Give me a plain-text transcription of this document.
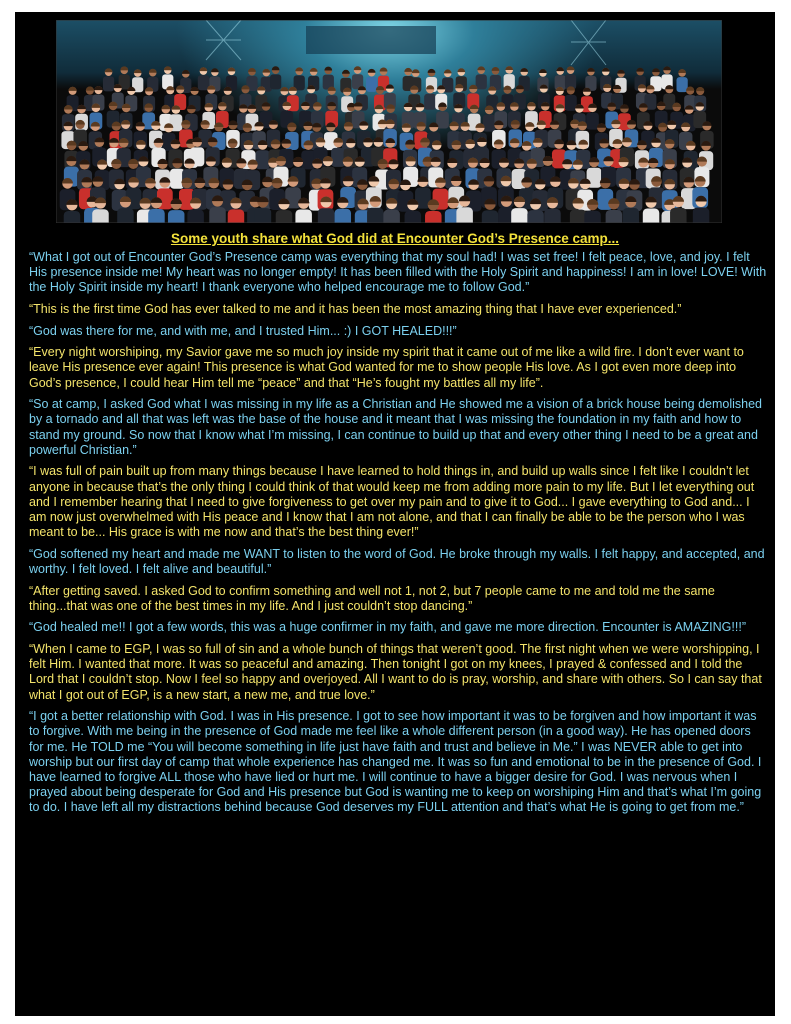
Some youth share what God did at Encounter God’s Presence camp...

“What I got out of Encounter God’s Presence camp was everything that my soul had! I was set free! I felt peace, love, and joy. I felt His presence inside me! My heart was no longer empty! It has been filled with the Holy Spirit and happiness! I am in love! LOVE! With the Holy Spirit inside my heart! I thank everyone who helped encourage me to follow God.”

“This is the first time God has ever talked to me and it has been the most amazing thing that I have ever experienced.”

“God was there for me, and with me, and I trusted Him... :) I GOT HEALED!!!”

“Every night worshiping, my Savior gave me so much joy inside my spirit that it came out of me like a wild fire. I don’t ever want to leave His presence ever again! This presence is what God wanted for me to show people His love. As I got even more deep into God’s presence, I could hear Him tell me “peace” and that “He’s fought my battles all my life”.

“So at camp, I asked God what I was missing in my life as a Christian and He showed me a vision of a brick house being demolished by a tornado and all that was left was the base of the house and it meant that I was missing the foundation in my faith and how to stand my ground. So now that I know what I’m missing, I can continue to build up that and every other thing I need to be a great and powerful Christian.”

“I was full of pain built up from many things because I have learned to hold things in, and build up walls since I felt like I couldn’t let anyone in because that’s the only thing I could think of that would keep me from adding more pain to my life. But I let everything out and I remember hearing that I need to give forgiveness to get over my pain and to give it to God... I gave everything to God and... I am now just overwhelmed with His peace and I know that I am not alone, and that I can finally be able to be the person who I was meant to be... His grace is with me now and that’s the best thing ever!”

“God softened my heart and made me WANT to listen to the word of God. He broke through my walls. I felt happy, and accepted, and worthy. I felt loved. I felt alive and beautiful.”

“After getting saved. I asked God to confirm something and well not 1, not 2, but 7 people came to me and told me the same thing...that was one of the best times in my life. And I just couldn’t stop dancing.”

“God healed me!! I got a few words, this was a huge confirmer in my faith, and gave me more direction. Encounter is AMAZING!!!”

“When I came to EGP, I was so full of sin and a whole bunch of things that weren’t good. The first night when we were worshipping, I felt Him. I wanted that more. It was so peaceful and amazing. Then tonight I got on my knees, I prayed & confessed and I told the Lord that I couldn’t stop. Now I feel so happy and overjoyed. All I want to do is pray, worship, and share with others. So I can say that what I got out of EGP, is a new start, a new me, and true love.”

“I got a better relationship with God. I was in His presence. I got to see how important it was to be forgiven and how important it was to forgive. With me being in the presence of God made me feel like a whole different person (in a good way). He has opened doors for me. He TOLD me “You will become something in life just have faith and trust and believe in Me.” I was NEVER able to get into worship but our first day of camp that whole experience has changed me. It was so fun and emotional to be in the presence of God. I have learned to forgive ALL those who have lied or hurt me. I will continue to have a bigger desire for God. I was nervous when I prayed about being desperate for God and His presence but God is wanting me to keep on worshiping Him and that’s what I’m going to do. I have left all my distractions behind because God deserves my FULL attention and that’s what He is going to get from me.”
